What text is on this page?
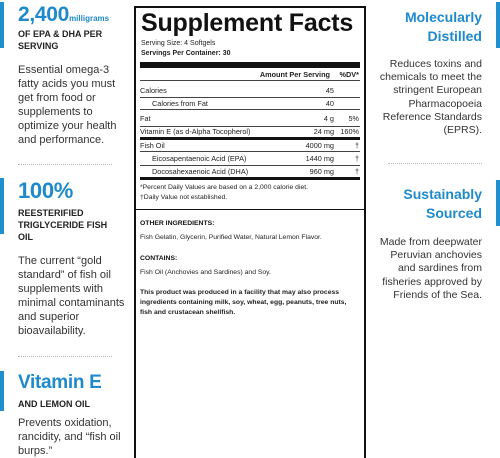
2,400milligrams
OF EPA & DHA PER SERVING
Essential omega-3 fatty acids you must get from food or supplements to optimize your health and performance.
100%
REESTERIFIED TRIGLYCERIDE FISH OIL
The current “gold standard” of fish oil supplements with minimal contaminants and superior bioavailability.
Vitamin E
AND LEMON OIL
Prevents oxidation, rancidity, and “fish oil burps.”
Supplement Facts
Serving Size: 4 Softgels
Servings Per Container: 30
Amount Per Serving	%DV*
Calories	45
Calories from Fat	40
Fat	4 g	5%
Vitamin E (as d-Alpha Tocopherol)	24 mg 160%
Fish Oil	4000 mg	†
Eicosapentaenoic Acid (EPA)	1440 mg	†
Docosahexaenoic Acid (DHA)	960 mg	†
*Percent Daily Values are based on a 2,000 calorie diet.
†Daily Value not established.
OTHER INGREDIENTS:
Fish Gelatin, Glycerin, Purified Water, Natural Lemon Flavor.
CONTAINS:
Fish Oil (Anchovies and Sardines) and Soy.
This product was produced in a facility that may also process ingredients containing milk, soy, wheat, egg, peanuts, tree nuts, fish and crustacean shellfish.
Molecularly Distilled
Reduces toxins and chemicals to meet the stringent European Pharmacopoeia Reference Standards (EPRS).
Sustainably Sourced
Made from deepwater Peruvian anchovies and sardines from fisheries approved by Friends of the Sea.
